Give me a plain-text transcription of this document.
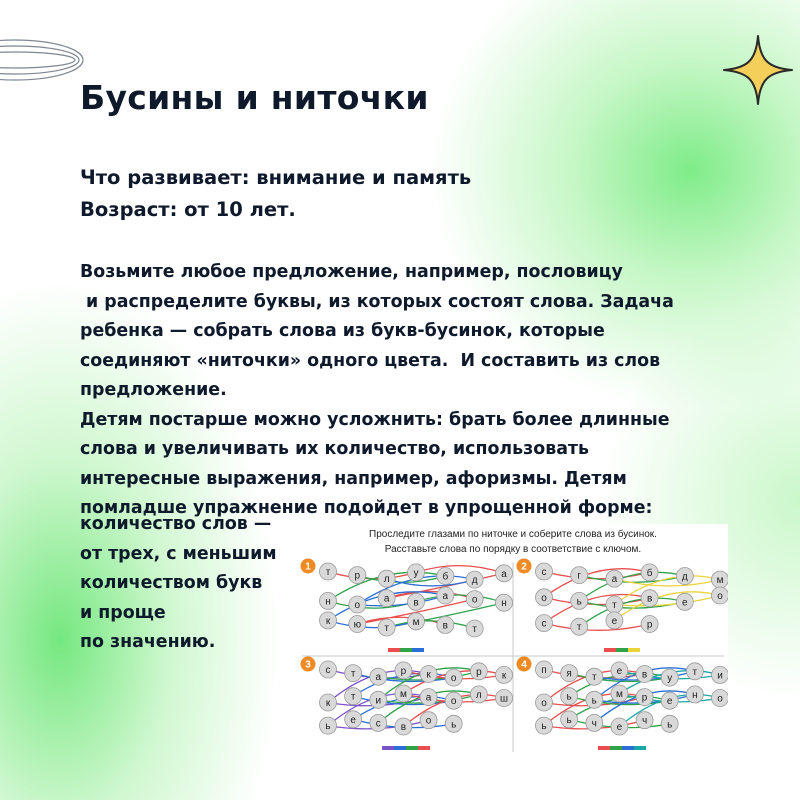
Бусины и ниточки
Что развивает: внимание и память
Возраст: от 10 лет.
Возьмите любое предложение, например, пословицу
и распределите буквы, из которых состоят слова. Задача
ребенка — собрать слова из букв-бусинок, которые
соединяют «ниточки» одного цвета.  И составить из слов
предложение.
Детям постарше можно усложнить: брать более длинные
слова и увеличивать их количество, использовать
интересные выражения, например, афоризмы. Детям
помладше упражнение подойдет в упрощенной форме:
количество слов —
от трех, с меньшим
количеством букв
и проще
по значению.
Проследите глазами по ниточке и соберите слова из бусинок.
Расставьте слова по порядку в соответствие с ключом.
т р л
у б д
а
н о
а в
а о н
к ю т
м в т
1	с	г	а
б	д	м
о	ь	т
в	е
о
с	т
е	р
2
с т а
р к о
р к
к
т и
м а о
л ш
ь
е с в
о ь
3	п я т
е в у
т и
о
ь ь
м р е
н о
ь
ь ч е
ч ь
4
